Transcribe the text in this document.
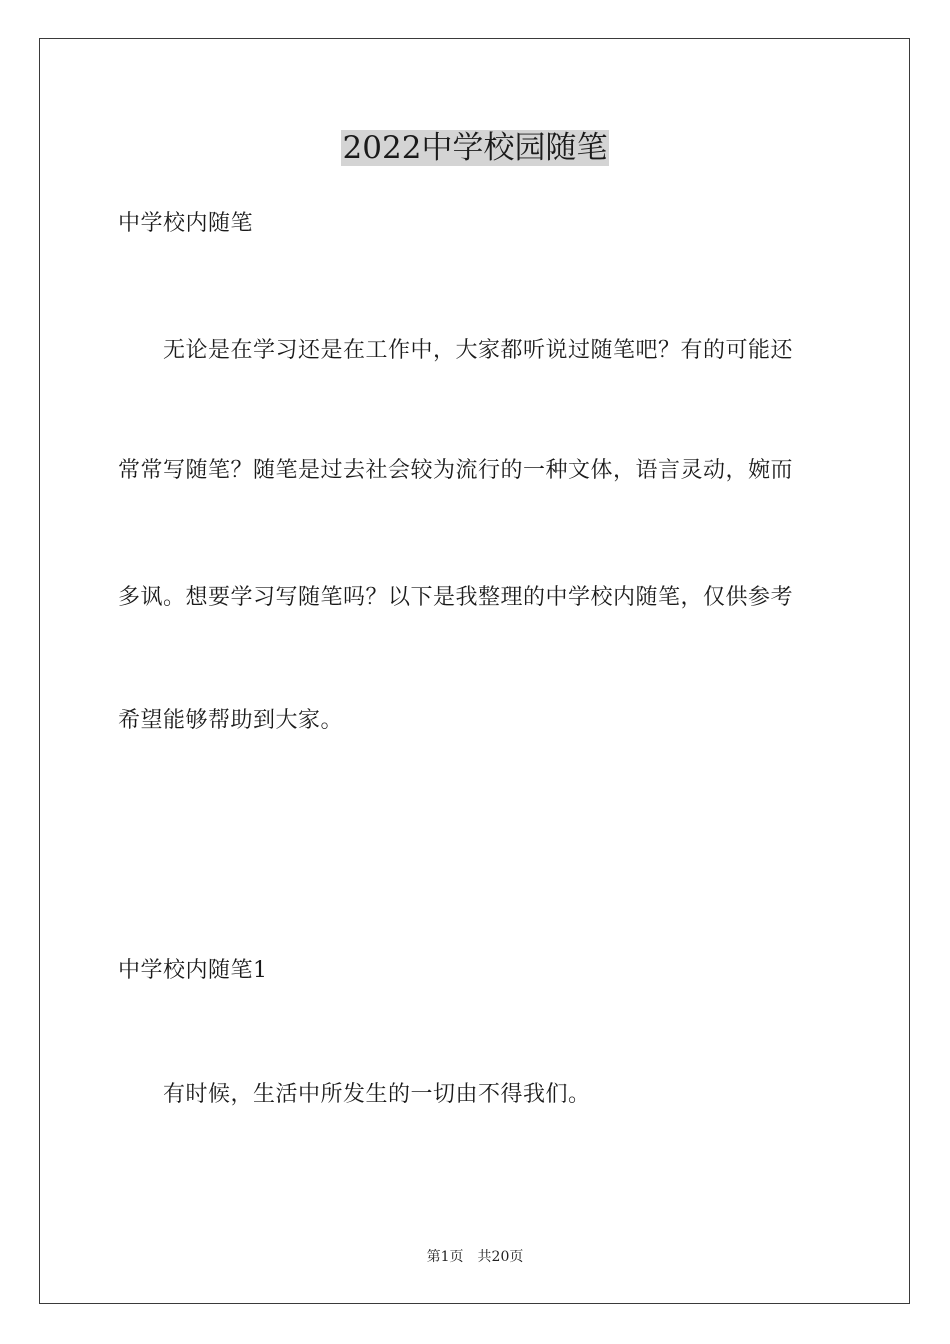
2022中学校园随笔
中学校内随笔
无论是在学习还是在工作中，大家都听说过随笔吧？有的可能还
常常写随笔？随笔是过去社会较为流行的一种文体，语言灵动，婉而
多讽。想要学习写随笔吗？以下是我整理的中学校内随笔，仅供参考
希望能够帮助到大家。
中学校内随笔1
有时候，生活中所发生的一切由不得我们。
第1页 共20页
